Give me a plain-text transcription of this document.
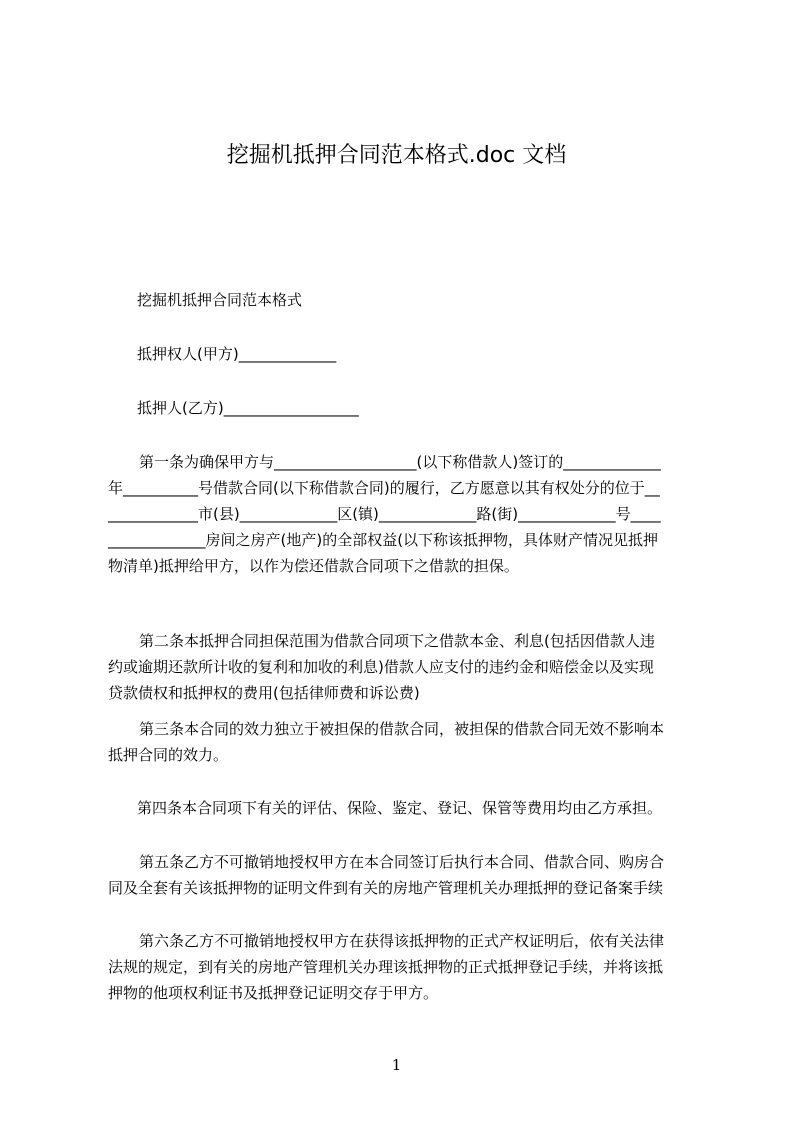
挖掘机抵押合同范本格式.doc 文档
挖掘机抵押合同范本格式
抵押权人(甲方)_____________
抵押人(乙方)__________________
第一条为确保甲方与___________________(以下称借款人)签订的_____________
年__________号借款合同(以下称借款合同)的履行，乙方愿意以其有权处分的位于__
____________市(县)_____________区(镇)_____________路(街)_____________号____
_____________房间之房产(地产)的全部权益(以下称该抵押物，具体财产情况见抵押
物清单)抵押给甲方，以作为偿还借款合同项下之借款的担保。
第二条本抵押合同担保范围为借款合同项下之借款本金、利息(包括因借款人违
约或逾期还款所计收的复利和加收的利息)借款人应支付的违约金和赔偿金以及实现
贷款债权和抵押权的费用(包括律师费和诉讼费)
第三条本合同的效力独立于被担保的借款合同，被担保的借款合同无效不影响本
抵押合同的效力。
第四条本合同项下有关的评估、保险、鉴定、登记、保管等费用均由乙方承担。
第五条乙方不可撤销地授权甲方在本合同签订后执行本合同、借款合同、购房合
同及全套有关该抵押物的证明文件到有关的房地产管理机关办理抵押的登记备案手续
第六条乙方不可撤销地授权甲方在获得该抵押物的正式产权证明后，依有关法律
法规的规定，到有关的房地产管理机关办理该抵押物的正式抵押登记手续，并将该抵
押物的他项权利证书及抵押登记证明交存于甲方。
1
